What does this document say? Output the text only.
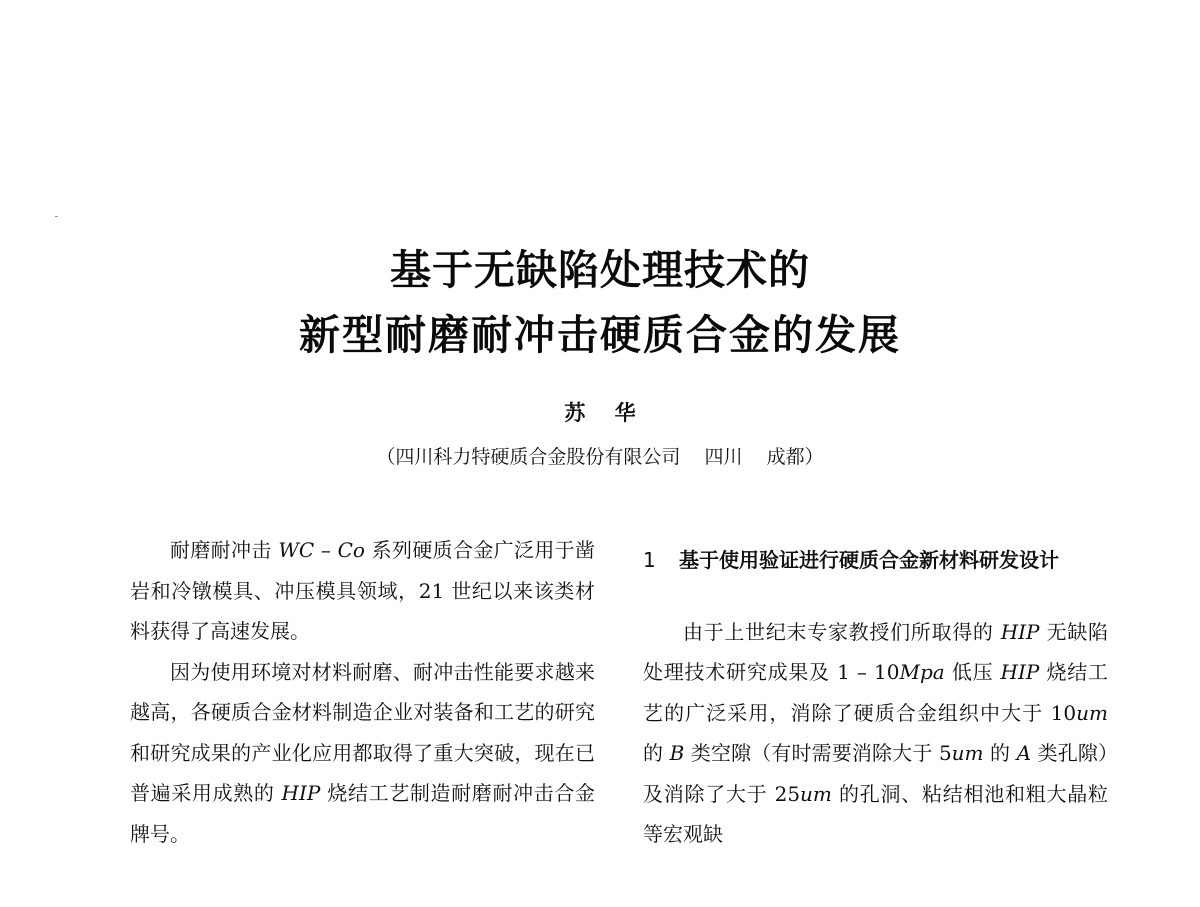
基于无缺陷处理技术的
新型耐磨耐冲击硬质合金的发展
苏    华
（四川科力特硬质合金股份有限公司    四川    成都）

耐磨耐冲击 WC – Co 系列硬质合金广泛用于凿岩和冷镦模具、冲压模具领域，21 世纪以来该类材料获得了高速发展。

因为使用环境对材料耐磨、耐冲击性能要求越来越高，各硬质合金材料制造企业对装备和工艺的研究和研究成果的产业化应用都取得了重大突破，现在已普遍采用成熟的 HIP 烧结工艺制造耐磨耐冲击合金牌号。

1 基于使用验证进行硬质合金新材料研发设计

由于上世纪末专家教授们所取得的 HIP 无缺陷处理技术研究成果及 1 – 10Mpa 低压 HIP 烧结工艺的广泛采用，消除了硬质合金组织中大于 10um 的 B 类空隙（有时需要消除大于 5um 的 A 类孔隙）及消除了大于 25um 的孔洞、粘结相池和粗大晶粒等宏观缺
